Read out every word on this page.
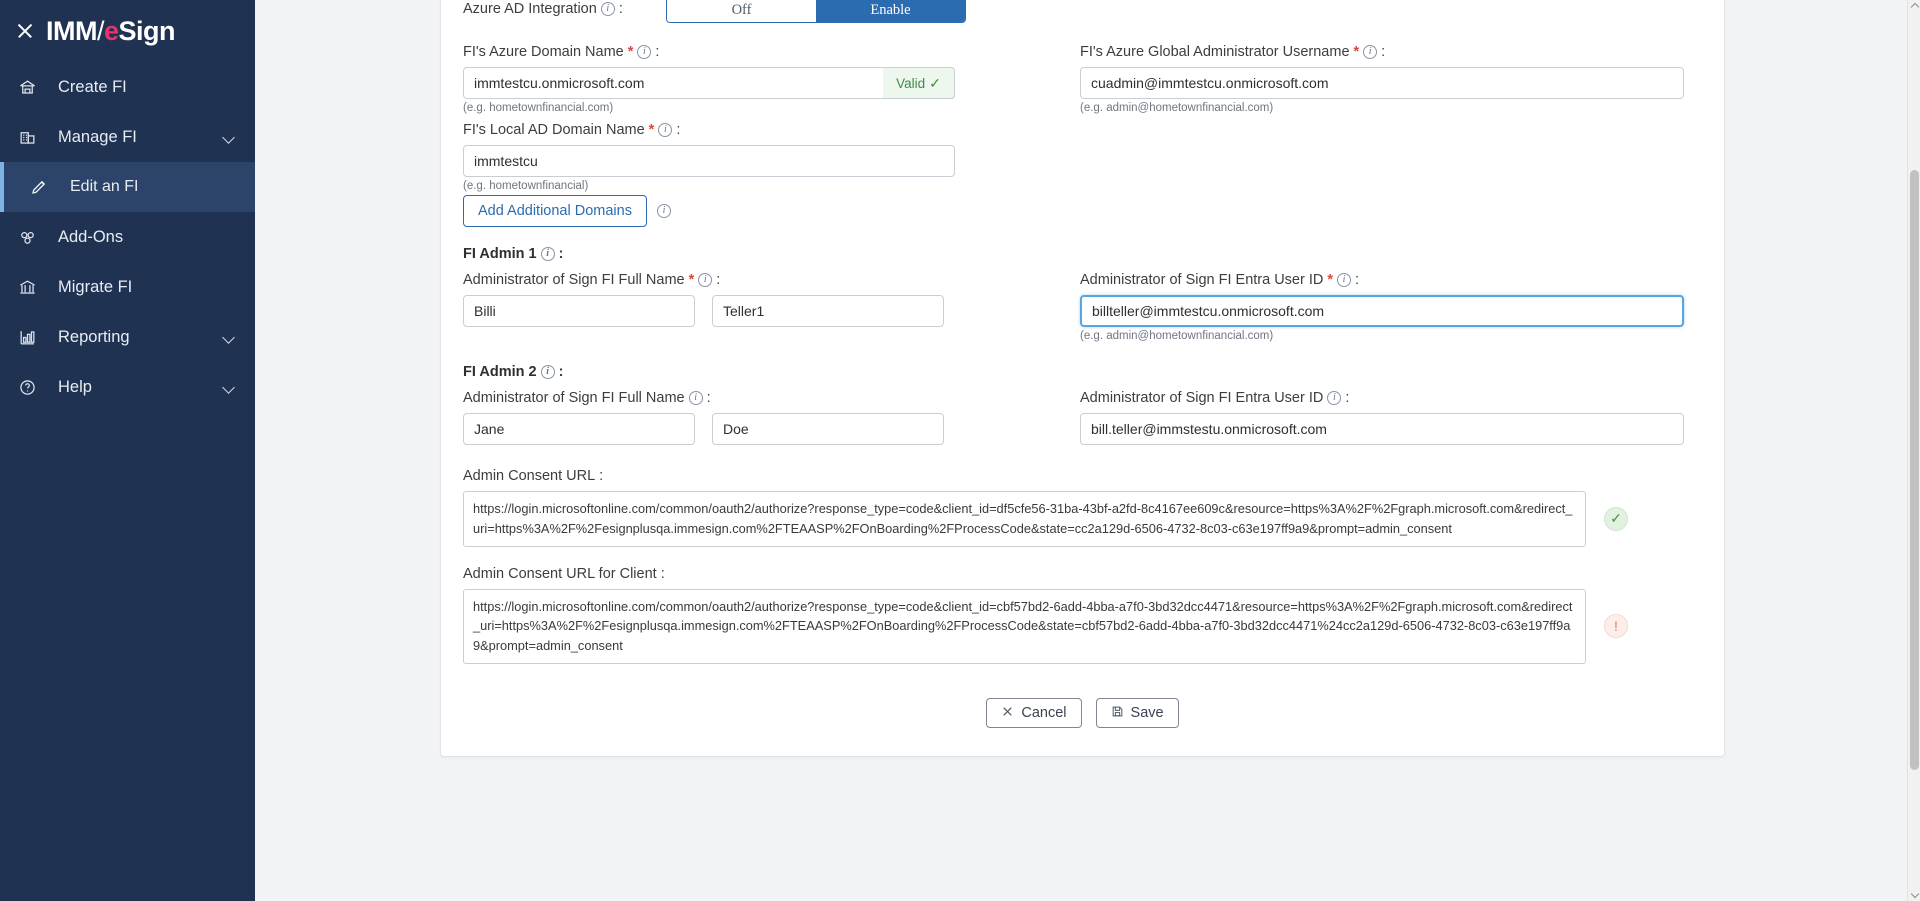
IMM/eSign
Create FI
Manage FI
Edit an FI
Add-Ons
Migrate FI
Reporting
Help
Azure AD Integration i :	Off	Enable
FI's Azure Domain Name * i :
immtestcu.onmicrosoft.com
Valid ✓
(e.g. hometownfinancial.com)
FI's Azure Global Administrator Username * i :
cuadmin@immtestcu.onmicrosoft.com
(e.g. admin@hometownfinancial.com)
FI's Local AD Domain Name * i :
immtestcu
(e.g. hometownfinancial)
Add Additional Domains	i
FI Admin 1 i :
Administrator of Sign FI Full Name * i :
Billi
Teller1	Administrator of Sign FI Entra User ID * i :
billteller@immtestcu.onmicrosoft.com
(e.g. admin@hometownfinancial.com)
FI Admin 2 i :
Administrator of Sign FI Full Name i :
Jane
Doe	Administrator of Sign FI Entra User ID i :
bill.teller@immstestu.onmicrosoft.com
Admin Consent URL :
https://login.microsoftonline.com/common/oauth2/authorize?response_type=code&client_id=df5cfe56-31ba-43bf-a2fd-8c4167ee609c&resource=https%3A%2F%2Fgraph.microsoft.com&redirect_uri=https%3A%2F%2Fesignplusqa.immesign.com%2FTEAASP%2FOnBoarding%2FProcessCode&state=cc2a129d-6506-4732-8c03-c63e197ff9a9&prompt=admin_consent
✓
Admin Consent URL for Client :
https://login.microsoftonline.com/common/oauth2/authorize?response_type=code&client_id=cbf57bd2-6add-4bba-a7f0-3bd32dcc4471&resource=https%3A%2F%2Fgraph.microsoft.com&redirect_uri=https%3A%2F%2Fesignplusqa.immesign.com%2FTEAASP%2FOnBoarding%2FProcessCode&state=cbf57bd2-6add-4bba-a7f0-3bd32dcc4471%24cc2a129d-6506-4732-8c03-c63e197ff9a9&prompt=admin_consent
!
Cancel	Save
